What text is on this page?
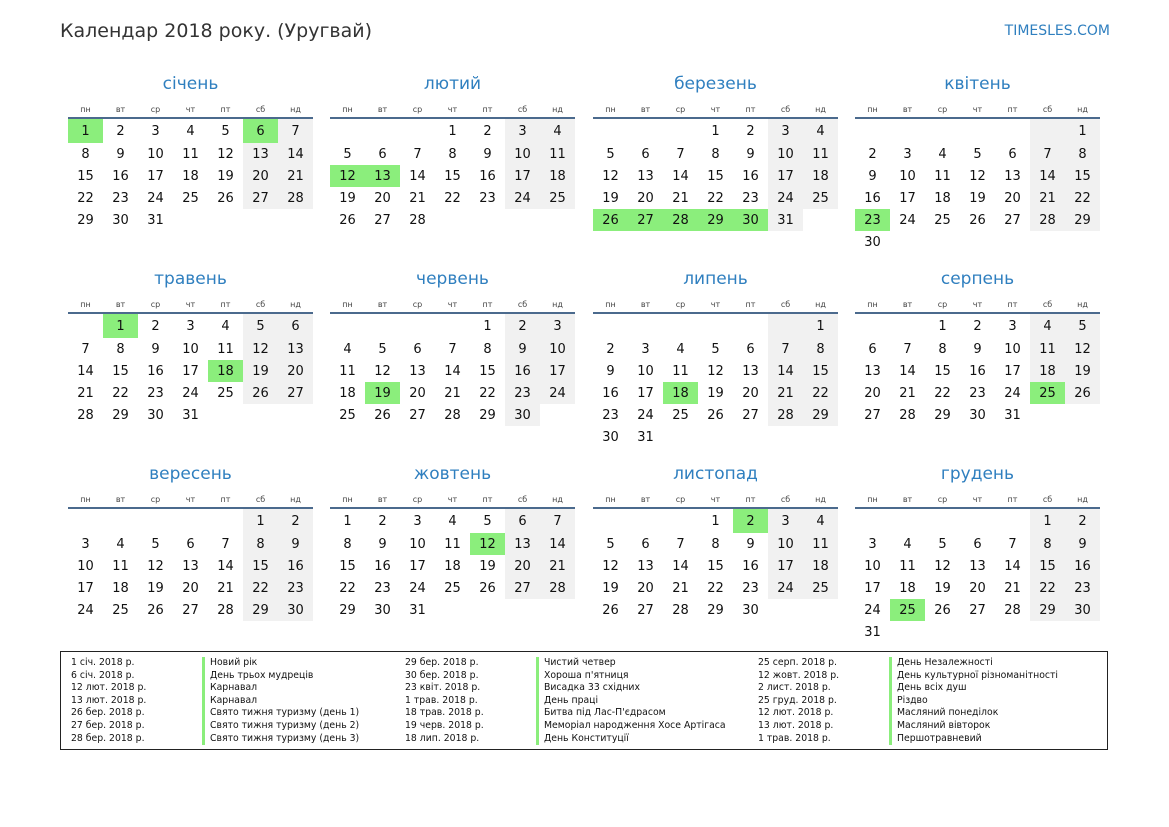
Календар 2018 року. (Уругвай)	TIMESLES.COM
січень
пн	вт	ср	чт	пт	сб	нд
1	2	3	4	5	6	7
8	9	10	11	12	13	14
15	16	17	18	19	20	21
22	23	24	25	26	27	28
29	30	31				
лютий
пн	вт	ср	чт	пт	сб	нд
			1	2	3	4
5	6	7	8	9	10	11
12	13	14	15	16	17	18
19	20	21	22	23	24	25
26	27	28				
березень
пн	вт	ср	чт	пт	сб	нд
			1	2	3	4
5	6	7	8	9	10	11
12	13	14	15	16	17	18
19	20	21	22	23	24	25
26	27	28	29	30	31	
квітень
пн	вт	ср	чт	пт	сб	нд
						1
2	3	4	5	6	7	8
9	10	11	12	13	14	15
16	17	18	19	20	21	22
23	24	25	26	27	28	29
30						
травень
пн	вт	ср	чт	пт	сб	нд
	1	2	3	4	5	6
7	8	9	10	11	12	13
14	15	16	17	18	19	20
21	22	23	24	25	26	27
28	29	30	31			
червень
пн	вт	ср	чт	пт	сб	нд
				1	2	3
4	5	6	7	8	9	10
11	12	13	14	15	16	17
18	19	20	21	22	23	24
25	26	27	28	29	30	
липень
пн	вт	ср	чт	пт	сб	нд
						1
2	3	4	5	6	7	8
9	10	11	12	13	14	15
16	17	18	19	20	21	22
23	24	25	26	27	28	29
30	31					
серпень
пн	вт	ср	чт	пт	сб	нд
		1	2	3	4	5
6	7	8	9	10	11	12
13	14	15	16	17	18	19
20	21	22	23	24	25	26
27	28	29	30	31		
вересень
пн	вт	ср	чт	пт	сб	нд
					1	2
3	4	5	6	7	8	9
10	11	12	13	14	15	16
17	18	19	20	21	22	23
24	25	26	27	28	29	30
жовтень
пн	вт	ср	чт	пт	сб	нд
1	2	3	4	5	6	7
8	9	10	11	12	13	14
15	16	17	18	19	20	21
22	23	24	25	26	27	28
29	30	31				
листопад
пн	вт	ср	чт	пт	сб	нд
			1	2	3	4
5	6	7	8	9	10	11
12	13	14	15	16	17	18
19	20	21	22	23	24	25
26	27	28	29	30		
грудень
пн	вт	ср	чт	пт	сб	нд
					1	2
3	4	5	6	7	8	9
10	11	12	13	14	15	16
17	18	19	20	21	22	23
24	25	26	27	28	29	30
31						
1 січ. 2018 р.	Новий рік
6 січ. 2018 р.	День трьох мудреців
12 лют. 2018 р.	Карнавал
13 лют. 2018 р.	Карнавал
26 бер. 2018 р.	Свято тижня туризму (день 1)
27 бер. 2018 р.	Свято тижня туризму (день 2)
28 бер. 2018 р.	Свято тижня туризму (день 3)
29 бер. 2018 р.	Чистий четвер
30 бер. 2018 р.	Хороша п'ятниця
23 квіт. 2018 р.	Висадка 33 східних
1 трав. 2018 р.	День праці
18 трав. 2018 р.	Битва під Лас-П'єдрасом
19 черв. 2018 р.	Меморіал народження Хосе Артігаса
18 лип. 2018 р.	День Конституції
25 серп. 2018 р.	День Незалежності
12 жовт. 2018 р.	День культурної різноманітності
2 лист. 2018 р.	День всіх душ
25 груд. 2018 р.	Різдво
12 лют. 2018 р.	Масляний понеділок
13 лют. 2018 р.	Масляний вівторок
1 трав. 2018 р.	Першотравневий
